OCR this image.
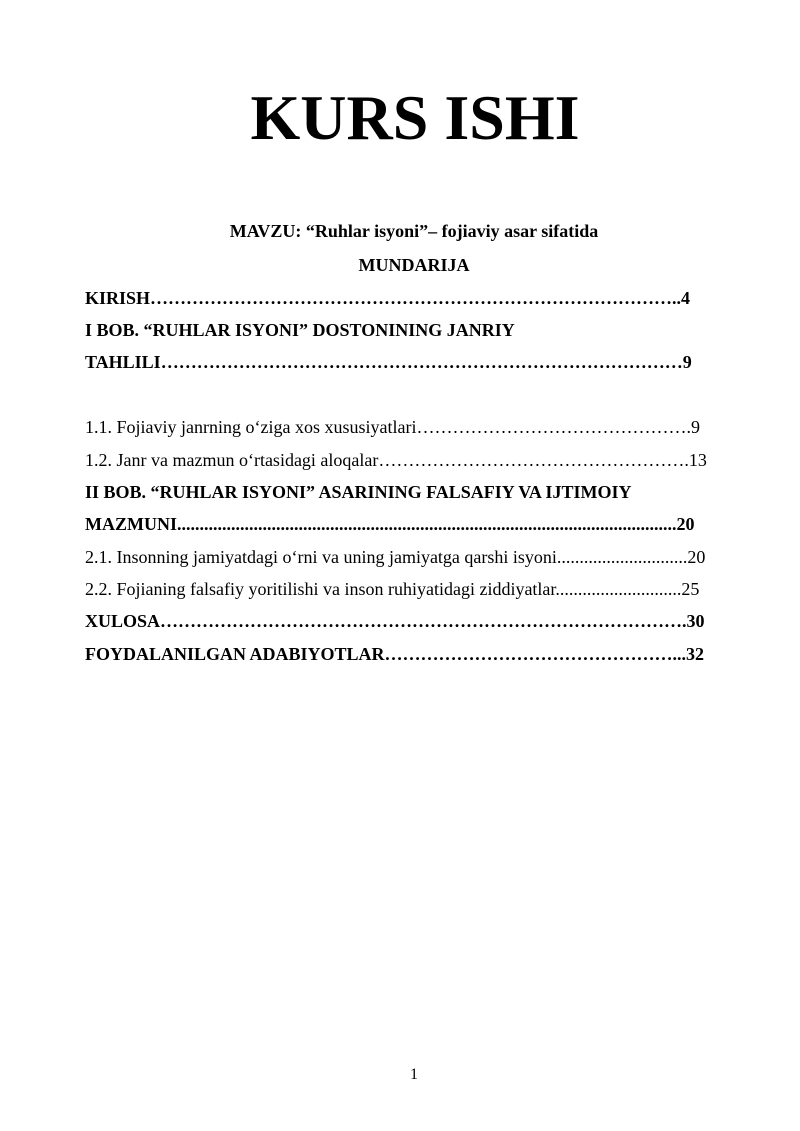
KURS ISHI
MAVZU: “Ruhlar isyoni”– fojiaviy asar sifatida
MUNDARIJA
KIRISH……………………………………………………………………………..4
I BOB. “RUHLAR ISYONI” DOSTONINING JANRIY
TAHLILI……………………………………………………………………………9
1.1. Fojiaviy janrning oʻziga xos xususiyatlari……………………………………….9
1.2. Janr va mazmun oʻrtasidagi aloqalar…………………………………………….13
II BOB. “RUHLAR ISYONI” ASARINING FALSAFIY VA IJTIMOIY
MAZMUNI...............................................................................................................20
2.1. Insonning jamiyatdagi oʻrni va uning jamiyatga qarshi isyoni.............................20
2.2. Fojianing falsafiy yoritilishi va inson ruhiyatidagi ziddiyatlar............................25
XULOSA…………………………………………………………………………….30
FOYDALANILGAN ADABIYOTLAR…………………………………………...32
1
